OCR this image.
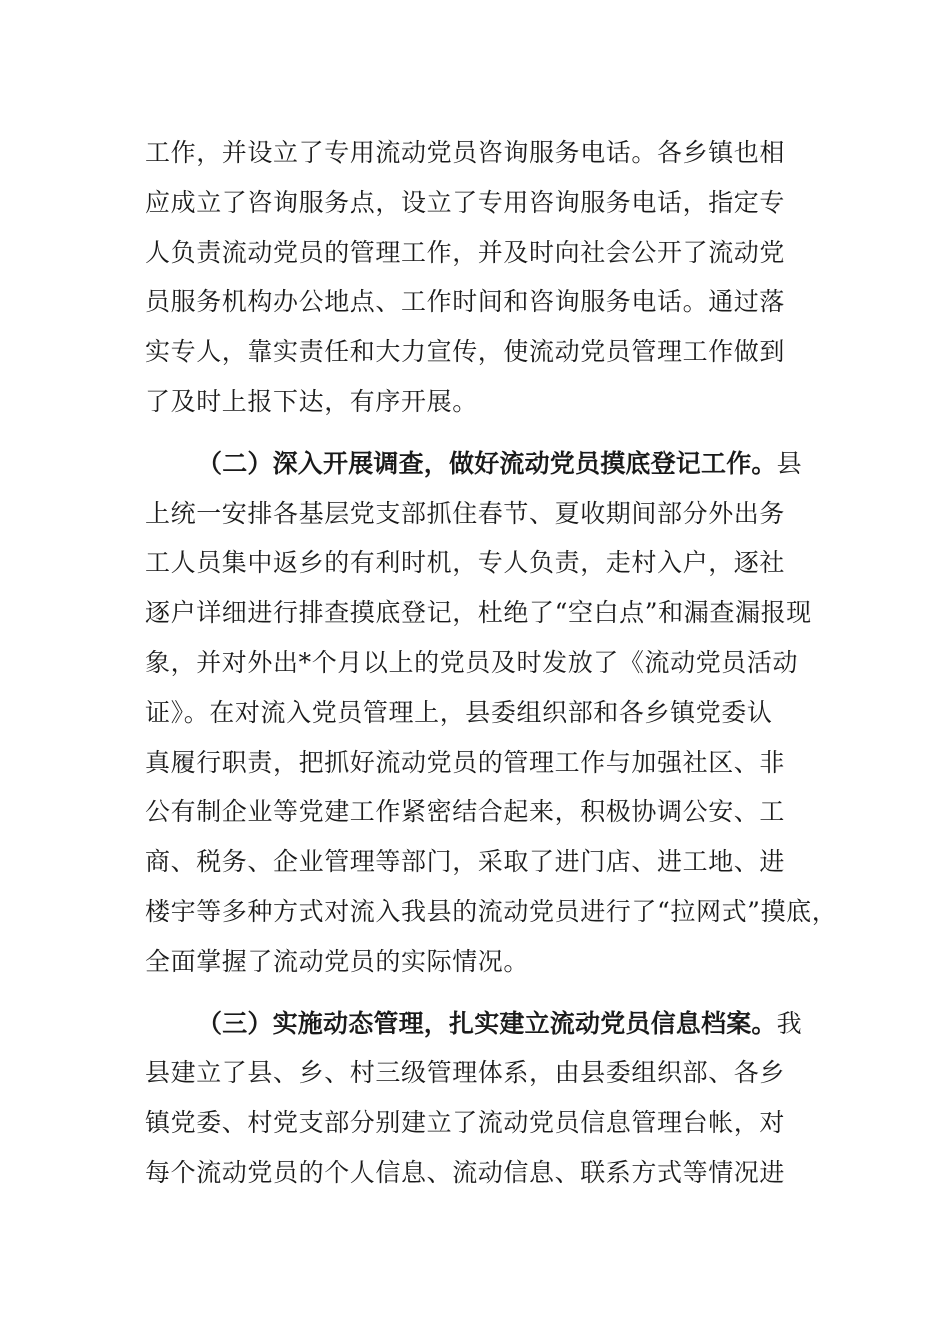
工作，并设立了专用流动党员咨询服务电话。各乡镇也相
应成立了咨询服务点，设立了专用咨询服务电话，指定专
人负责流动党员的管理工作，并及时向社会公开了流动党
员服务机构办公地点、工作时间和咨询服务电话。通过落
实专人，靠实责任和大力宣传，使流动党员管理工作做到
了及时上报下达，有序开展。

（二）深入开展调查，做好流动党员摸底登记工作。县
上统一安排各基层党支部抓住春节、夏收期间部分外出务
工人员集中返乡的有利时机，专人负责，走村入户，逐社
逐户详细进行排查摸底登记，杜绝了“空白点”和漏查漏报现
象，并对外出*个月以上的党员及时发放了《流动党员活动
证》。在对流入党员管理上，县委组织部和各乡镇党委认
真履行职责，把抓好流动党员的管理工作与加强社区、非
公有制企业等党建工作紧密结合起来，积极协调公安、工
商、税务、企业管理等部门，采取了进门店、进工地、进
楼宇等多种方式对流入我县的流动党员进行了“拉网式”摸底，
全面掌握了流动党员的实际情况。

（三）实施动态管理，扎实建立流动党员信息档案。我
县建立了县、乡、村三级管理体系，由县委组织部、各乡
镇党委、村党支部分别建立了流动党员信息管理台帐，对
每个流动党员的个人信息、流动信息、联系方式等情况进
